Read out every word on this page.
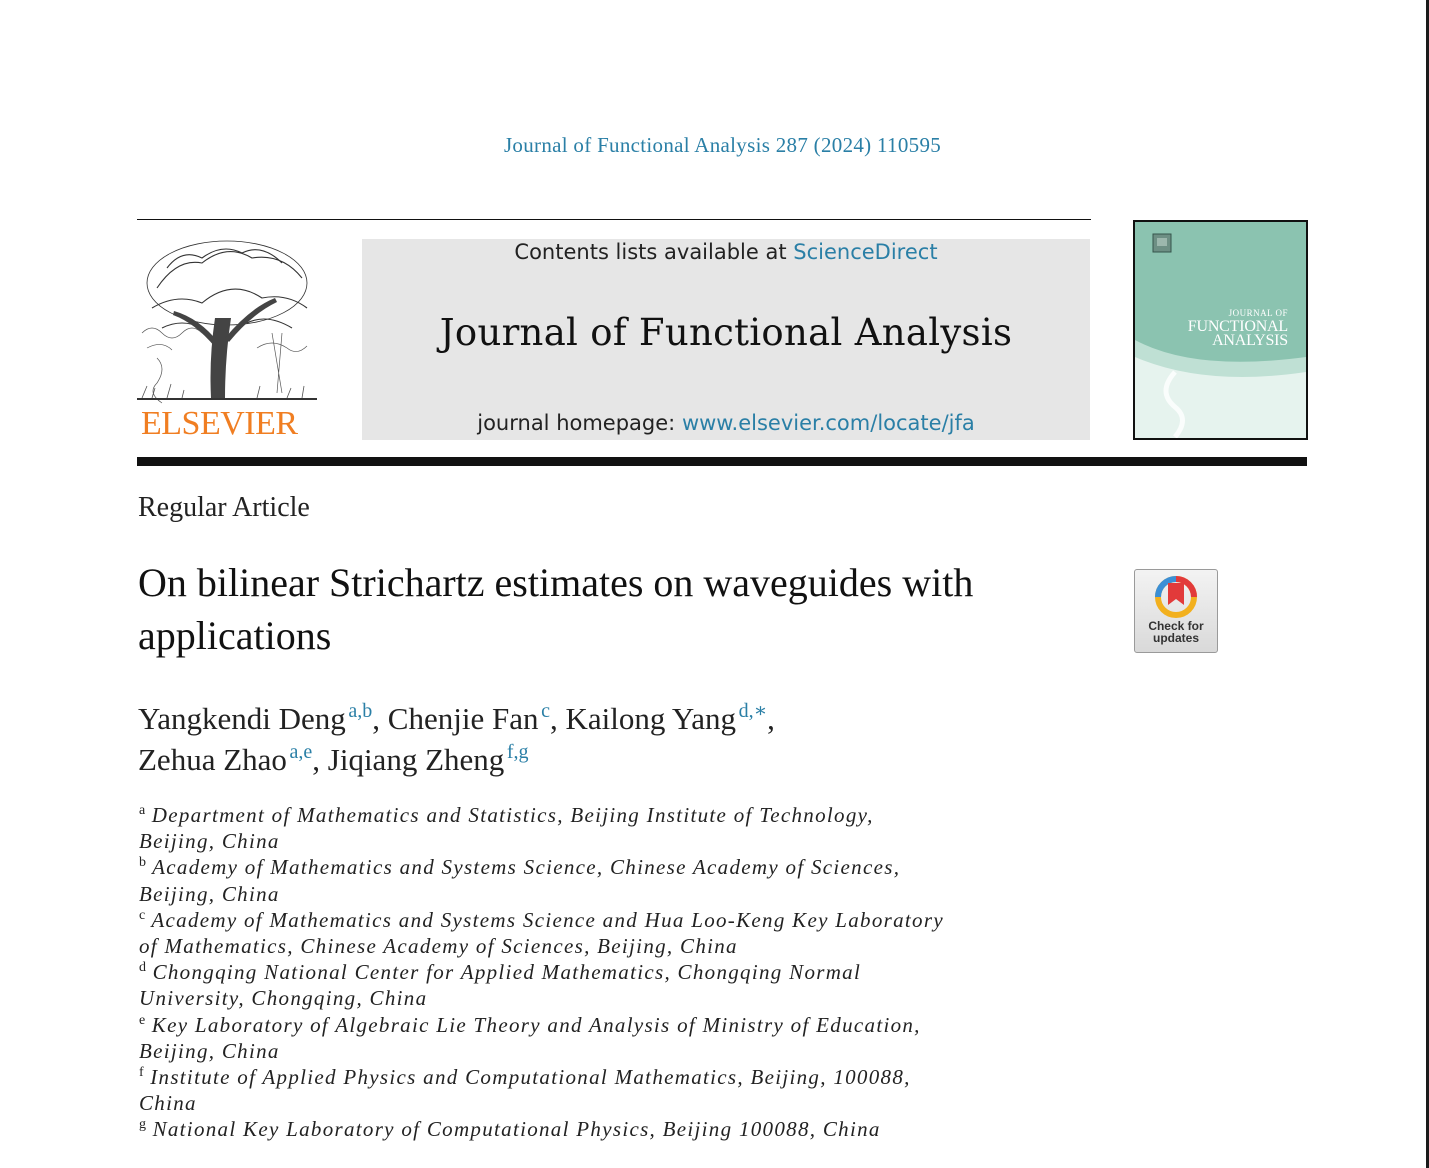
Journal of Functional Analysis 287 (2024) 110595
ELSEVIER
Contents lists available at ScienceDirect
Journal of Functional Analysis
journal homepage: www.elsevier.com/locate/jfa
JOURNAL OF
FUNCTIONAL
ANALYSIS
Regular Article
On bilinear Strichartz estimates on waveguides with
applications	Check for
updates
Yangkendi Deng  $^{a,b}$, Chenjie Fan  $^c$, Kailong Yang  $^{d,∗}$,
Zehua Zhao  $^{a,e}$, Jiqiang Zheng  $^{f,g}$
$^a$ Department of Mathematics and Statistics, Beijing Institute of Technology,
Beijing, China
$^b$ Academy of Mathematics and Systems Science, Chinese Academy of Sciences,
Beijing, China
$^c$ Academy of Mathematics and Systems Science and Hua Loo-Keng Key Laboratory
of Mathematics, Chinese Academy of Sciences, Beijing, China
$^d$ Chongqing National Center for Applied Mathematics, Chongqing Normal
University, Chongqing, China
$^e$ Key Laboratory of Algebraic Lie Theory and Analysis of Ministry of Education,
Beijing, China
$^f$ Institute of Applied Physics and Computational Mathematics, Beijing, 100088,
China
$^g$ National Key Laboratory of Computational Physics, Beijing 100088, China
